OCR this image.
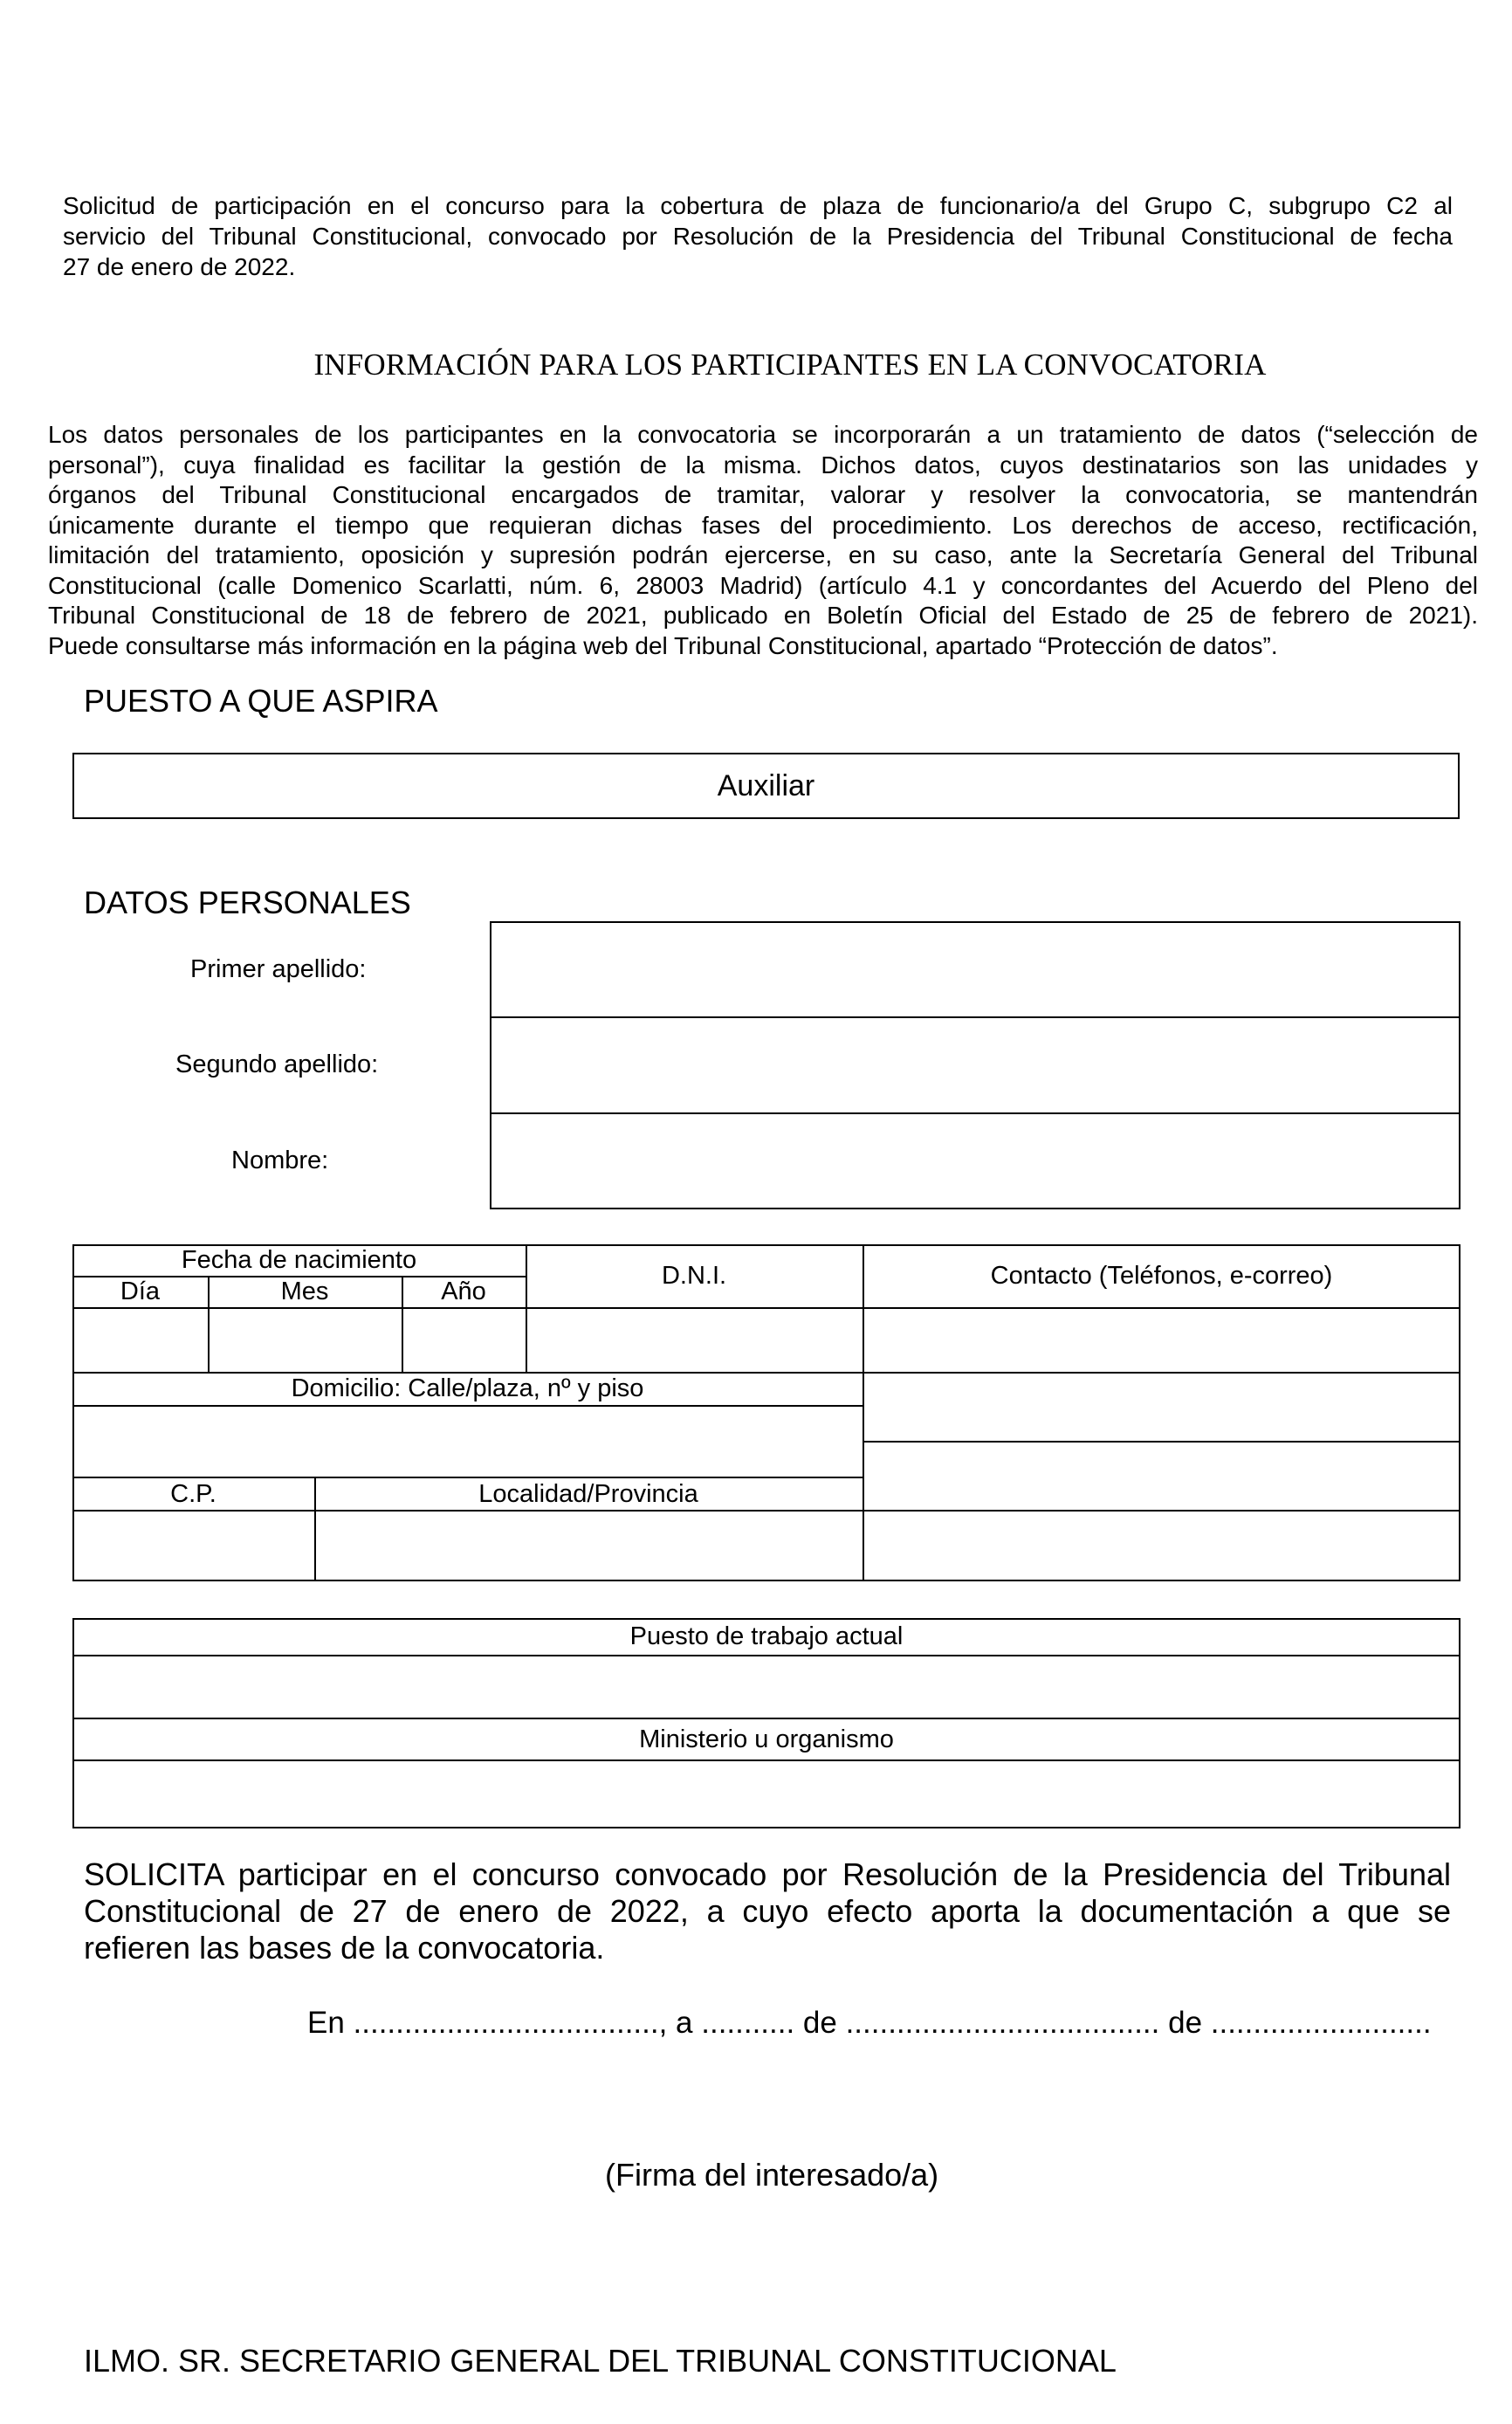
Solicitud de participación en el concurso para la cobertura de plaza de funcionario/a del Grupo C, subgrupo C2 al
servicio del Tribunal Constitucional, convocado por Resolución de la Presidencia del Tribunal Constitucional de fecha
27 de enero de 2022.
INFORMACIÓN PARA LOS PARTICIPANTES EN LA CONVOCATORIA
Los datos personales de los participantes en la convocatoria se incorporarán a un tratamiento de datos (“selección de
personal”), cuya finalidad es facilitar la gestión de la misma. Dichos datos, cuyos destinatarios son las unidades y
órganos del Tribunal Constitucional encargados de tramitar, valorar y resolver la convocatoria, se mantendrán
únicamente durante el tiempo que requieran dichas fases del procedimiento. Los derechos de acceso, rectificación,
limitación del tratamiento, oposición y supresión podrán ejercerse, en su caso, ante la Secretaría General del Tribunal
Constitucional (calle Domenico Scarlatti, núm. 6, 28003 Madrid) (artículo 4.1 y concordantes del Acuerdo del Pleno del
Tribunal Constitucional de 18 de febrero de 2021, publicado en Boletín Oficial del Estado de 25 de febrero de 2021).
Puede consultarse más información en la página web del Tribunal Constitucional, apartado “Protección de datos”.
PUESTO A QUE ASPIRA
Auxiliar
DATOS PERSONALES
Primer apellido:
Segundo apellido:
Nombre:
Fecha de nacimiento
Día	Mes	Año
D.N.I.	Contacto (Teléfonos, e-correo)
Domicilio: Calle/plaza, nº y piso
C.P.	Localidad/Provincia
Puesto de trabajo actual
Ministerio u organismo
SOLICITA participar en el concurso convocado por Resolución de la Presidencia del Tribunal
Constitucional de 27 de enero de 2022, a cuyo efecto aporta la documentación a que se
refieren las bases de la convocatoria.
En ...................................., a ........... de ..................................... de ..........................
(Firma del interesado/a)
ILMO. SR. SECRETARIO GENERAL DEL TRIBUNAL CONSTITUCIONAL
